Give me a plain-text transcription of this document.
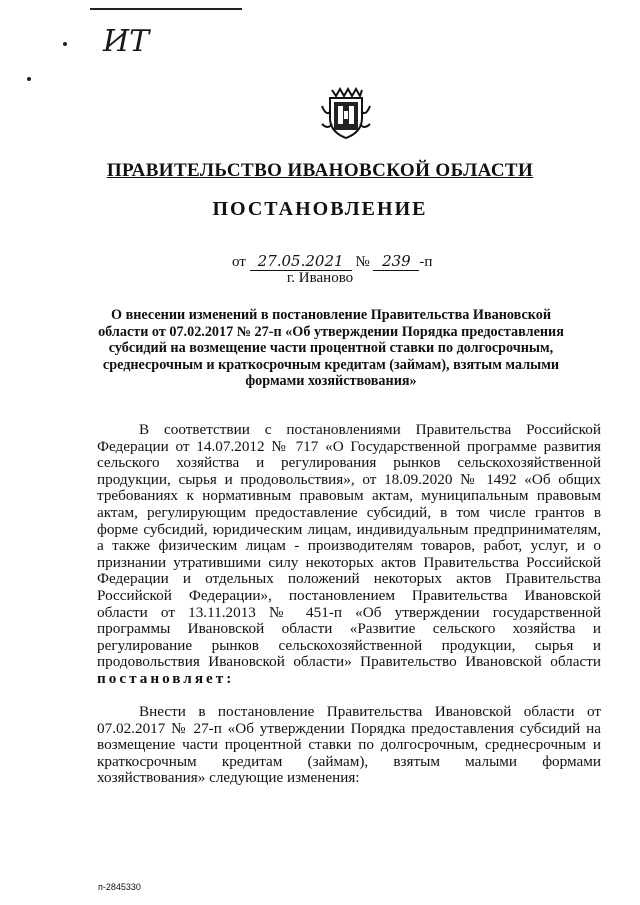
ИТ
ПРАВИТЕЛЬСТВО ИВАНОВСКОЙ ОБЛАСТИ
ПОСТАНОВЛЕНИЕ
от 27.05.2021 № 239 -п
г. Иваново
О внесении изменений в постановление Правительства Ивановской области от 07.02.2017 № 27-п «Об утверждении Порядка предоставления субсидий на возмещение части процентной ставки по долгосрочным, среднесрочным и краткосрочным кредитам (займам), взятым малыми формами хозяйствования»

В соответствии с постановлениями Правительства Российской Федерации от 14.07.2012 № 717 «О Государственной программе развития сельского хозяйства и регулирования рынков сельскохозяйственной продукции, сырья и продовольствия», от 18.09.2020 № 1492 «Об общих требованиях к нормативным правовым актам, муниципальным правовым актам, регулирующим предоставление субсидий, в том числе грантов в форме субсидий, юридическим лицам, индивидуальным предпринимателям, а также физическим лицам - производителям товаров, работ, услуг, и о признании утратившими силу некоторых актов Правительства Российской Федерации и отдельных положений некоторых актов Правительства Российской Федерации», постановлением Правительства Ивановской области от 13.11.2013 № 451-п «Об утверждении государственной программы Ивановской области «Развитие сельского хозяйства и регулирование рынков сельскохозяйственной продукции, сырья и продовольствия Ивановской области» Правительство Ивановской области постановляет:

Внести в постановление Правительства Ивановской области от 07.02.2017 № 27-п «Об утверждении Порядка предоставления субсидий на возмещение части процентной ставки по долгосрочным, среднесрочным и краткосрочным кредитам (займам), взятым малыми формами хозяйствования» следующие изменения:

п-2845330
